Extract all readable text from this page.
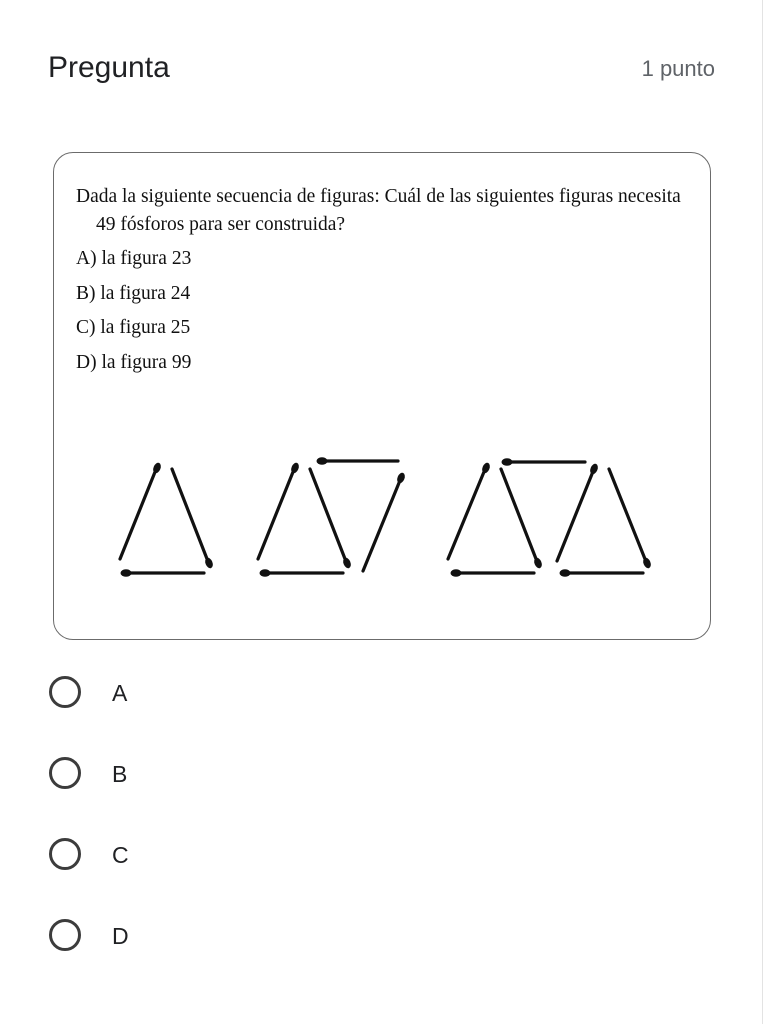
Pregunta	1 punto

Dada la siguiente secuencia de figuras: Cuál de las siguientes figuras necesita 49 fósforos para ser construida?

A) la figura 23

B) la figura 24

C) la figura 25

D) la figura 99

A
B
C
D
